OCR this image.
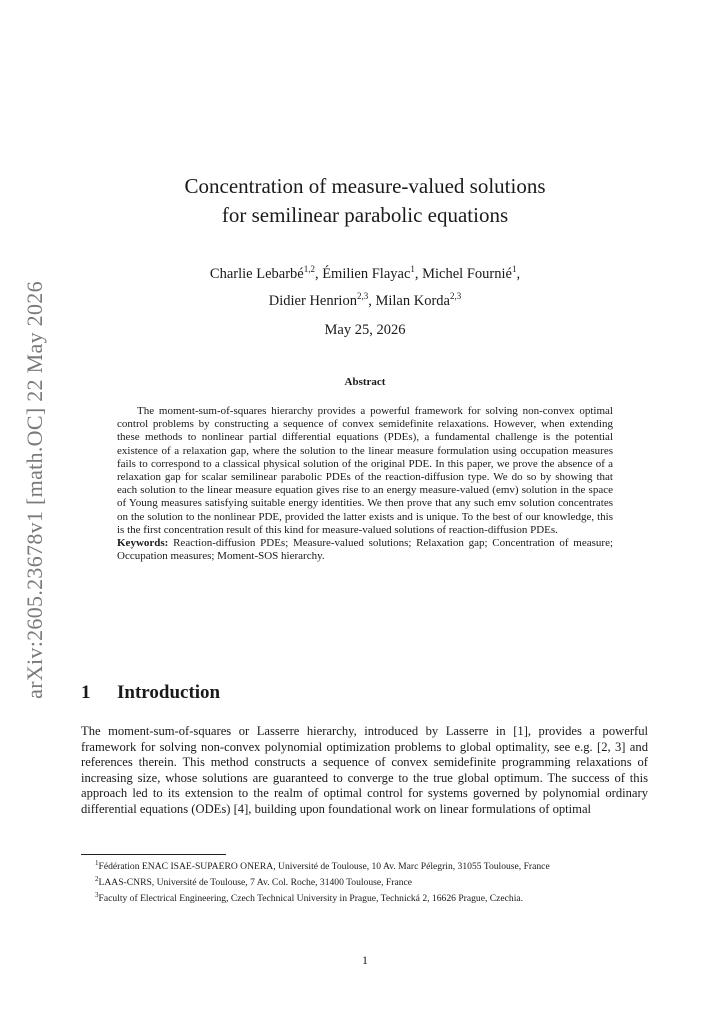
arXiv:2605.23678v1 [math.OC] 22 May 2026
Concentration of measure-valued solutions
for semilinear parabolic equations
Charlie Lebarbé$^{1,2}$, Émilien Flayac$^1$, Michel Fournié$^1$,
Didier Henrion$^{2,3}$, Milan Korda$^{2,3}$
May 25, 2026
Abstract

The moment-sum-of-squares hierarchy provides a powerful framework for solving non-convex optimal control problems by constructing a sequence of convex semidefinite relaxations. However, when extending these methods to nonlinear partial differential equations (PDEs), a fundamental challenge is the potential existence of a relaxation gap, where the solution to the linear measure formulation using occupation measures fails to correspond to a classical physical solution of the original PDE. In this paper, we prove the absence of a relaxation gap for scalar semilinear parabolic PDEs of the reaction-diffusion type. We do so by showing that each solution to the linear measure equation gives rise to an energy measure-valued (emv) solution in the space of Young measures satisfying suitable energy identities. We then prove that any such emv solution concentrates on the solution to the nonlinear PDE, provided the latter exists and is unique. To the best of our knowledge, this is the first concentration result of this kind for measure-valued solutions of reaction-diffusion PDEs.

Keywords: Reaction-diffusion PDEs; Measure-valued solutions; Relaxation gap; Concentration of measure; Occupation measures; Moment-SOS hierarchy.

1 Introduction

The moment-sum-of-squares or Lasserre hierarchy, introduced by Lasserre in [1], provides a powerful framework for solving non-convex polynomial optimization problems to global optimality, see e.g. [2, 3] and references therein. This method constructs a sequence of convex semidefinite programming relaxations of increasing size, whose solutions are guaranteed to converge to the true global optimum. The success of this approach led to its extension to the realm of optimal control for systems governed by polynomial ordinary differential equations (ODEs) [4], building upon foundational work on linear formulations of optimal

$^1$Fédération ENAC ISAE-SUPAERO ONERA, Université de Toulouse, 10 Av. Marc Pélegrin, 31055 Toulouse, France

$^2$LAAS-CNRS, Université de Toulouse, 7 Av. Col. Roche, 31400 Toulouse, France

$^3$Faculty of Electrical Engineering, Czech Technical University in Prague, Technická 2, 16626 Prague, Czechia.

1
